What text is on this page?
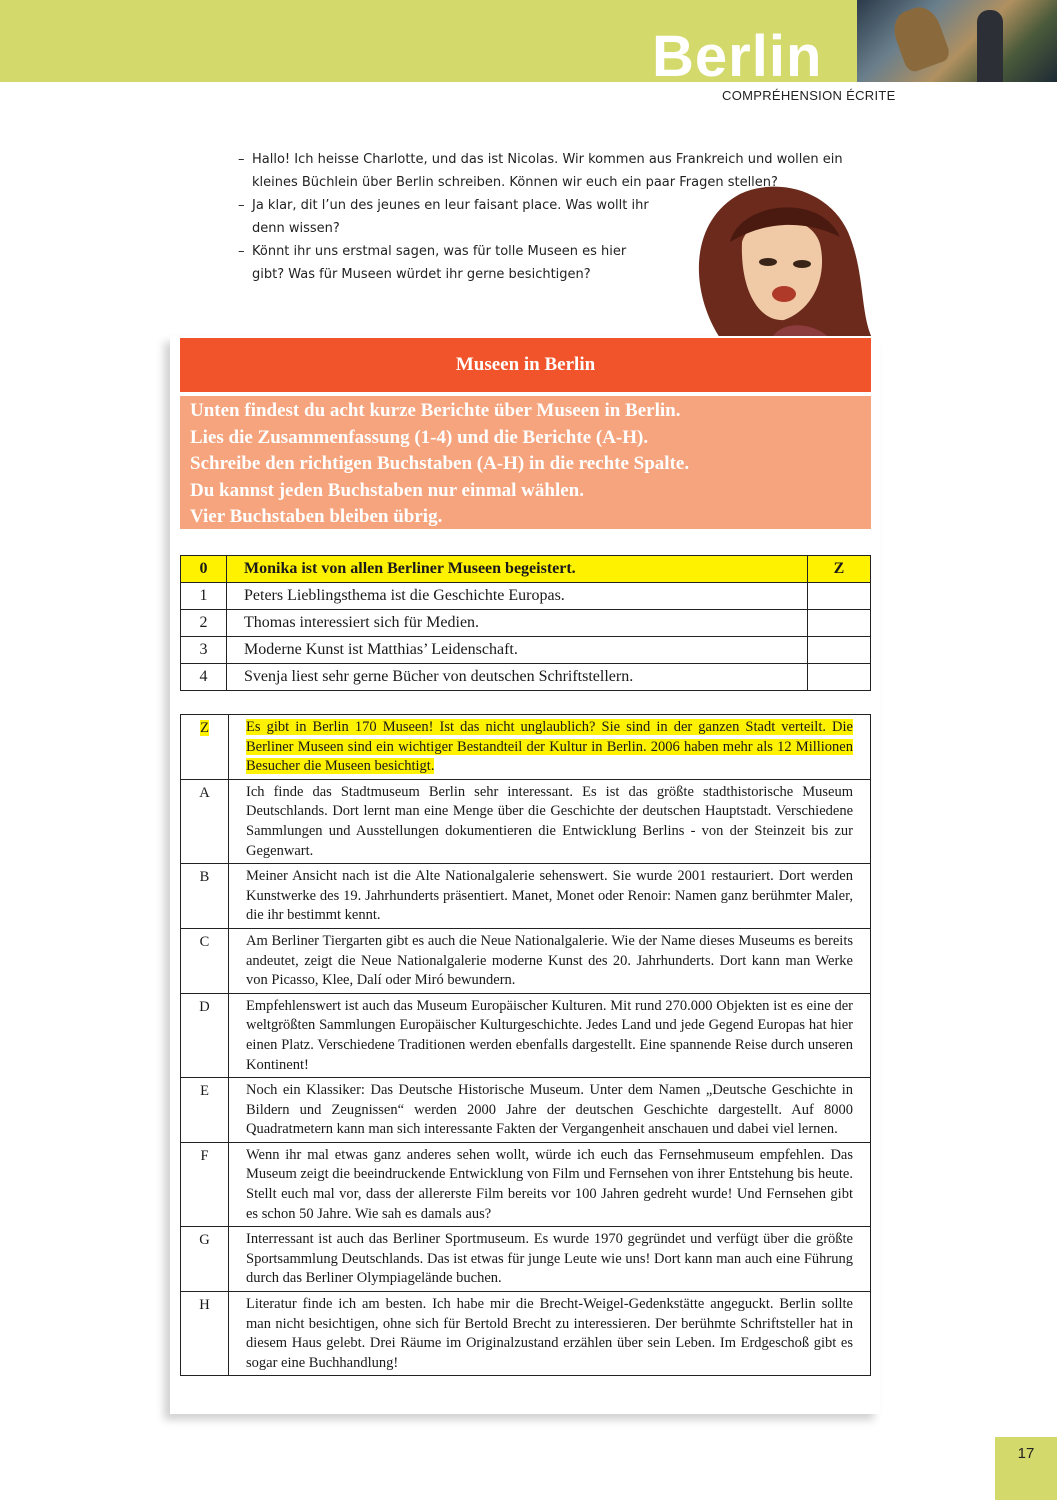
Berlin
COMPRÉHENSION ÉCRITE
– Hallo! Ich heisse Charlotte, und das ist Nicolas. Wir kommen aus Frankreich und wollen ein kleines Büchlein über Berlin schreiben. Können wir euch ein paar Fragen stellen?
– Ja klar, dit l’un des jeunes en leur faisant place. Was wollt ihr denn wissen?
– Könnt ihr uns erstmal sagen, was für tolle Museen es hier gibt? Was für Museen würdet ihr gerne besichtigen?
Museen in Berlin
Unten findest du acht kurze Berichte über Museen in Berlin.
Lies die Zusammenfassung (1-4) und die Berichte (A-H).
Schreibe den richtigen Buchstaben (A-H) in die rechte Spalte.
Du kannst jeden Buchstaben nur einmal wählen.
Vier Buchstaben bleiben übrig.
0	Monika ist von allen Berliner Museen begeistert.	Z
1	Peters Lieblingsthema ist die Geschichte Europas.	
2	Thomas interessiert sich für Medien.	
3	Moderne Kunst ist Matthias’ Leidenschaft.	
4	Svenja liest sehr gerne Bücher von deutschen Schriftstellern.	
Z	Es gibt in Berlin 170 Museen! Ist das nicht unglaublich? Sie sind in der ganzen Stadt verteilt. Die Berliner Museen sind ein wichtiger Bestandteil der Kultur in Berlin. 2006 haben mehr als 12 Millionen Besucher die Museen besichtigt.
A	Ich finde das Stadtmuseum Berlin sehr interessant. Es ist das größte stadthistorische Museum Deutschlands. Dort lernt man eine Menge über die Geschichte der deutschen Hauptstadt. Verschiedene Sammlungen und Ausstellungen dokumentieren die Entwicklung Berlins - von der Steinzeit bis zur Gegenwart.
B	Meiner Ansicht nach ist die Alte Nationalgalerie sehenswert. Sie wurde 2001 restauriert. Dort werden Kunstwerke des 19. Jahrhunderts präsentiert. Manet, Monet oder Renoir: Namen ganz berühmter Maler, die ihr bestimmt kennt.
C	Am Berliner Tiergarten gibt es auch die Neue Nationalgalerie. Wie der Name dieses Museums es bereits andeutet, zeigt die Neue Nationalgalerie moderne Kunst des 20. Jahrhunderts. Dort kann man Werke von Picasso, Klee, Dalí oder Miró bewundern.
D	Empfehlenswert ist auch das Museum Europäischer Kulturen. Mit rund 270.000 Objekten ist es eine der weltgrößten Sammlungen Europäischer Kulturgeschichte. Jedes Land und jede Gegend Europas hat hier einen Platz. Verschiedene Traditionen werden ebenfalls dargestellt. Eine spannende Reise durch unseren Kontinent!
E	Noch ein Klassiker: Das Deutsche Historische Museum. Unter dem Namen „Deutsche Geschichte in Bildern und Zeugnissen“ werden 2000 Jahre der deutschen Geschichte dargestellt. Auf 8000 Quadratmetern kann man sich interessante Fakten der Vergangenheit anschauen und dabei viel lernen.
F	Wenn ihr mal etwas ganz anderes sehen wollt, würde ich euch das Fernsehmuseum empfehlen. Das Museum zeigt die beeindruckende Entwicklung von Film und Fernsehen von ihrer Entstehung bis heute. Stellt euch mal vor, dass der allererste Film bereits vor 100 Jahren gedreht wurde! Und Fernsehen gibt es schon 50 Jahre. Wie sah es damals aus?
G	Interressant ist auch das Berliner Sportmuseum. Es wurde 1970 gegründet und verfügt über die größte Sportsammlung Deutschlands. Das ist etwas für junge Leute wie uns! Dort kann man auch eine Führung durch das Berliner Olympiagelände buchen.
H	Literatur finde ich am besten. Ich habe mir die Brecht-Weigel-Gedenkstätte angeguckt. Berlin sollte man nicht besichtigen, ohne sich für Bertold Brecht zu interessieren. Der berühmte Schriftsteller hat in diesem Haus gelebt. Drei Räume im Originalzustand erzählen über sein Leben. Im Erdgeschoß gibt es sogar eine Buchhandlung!
17
